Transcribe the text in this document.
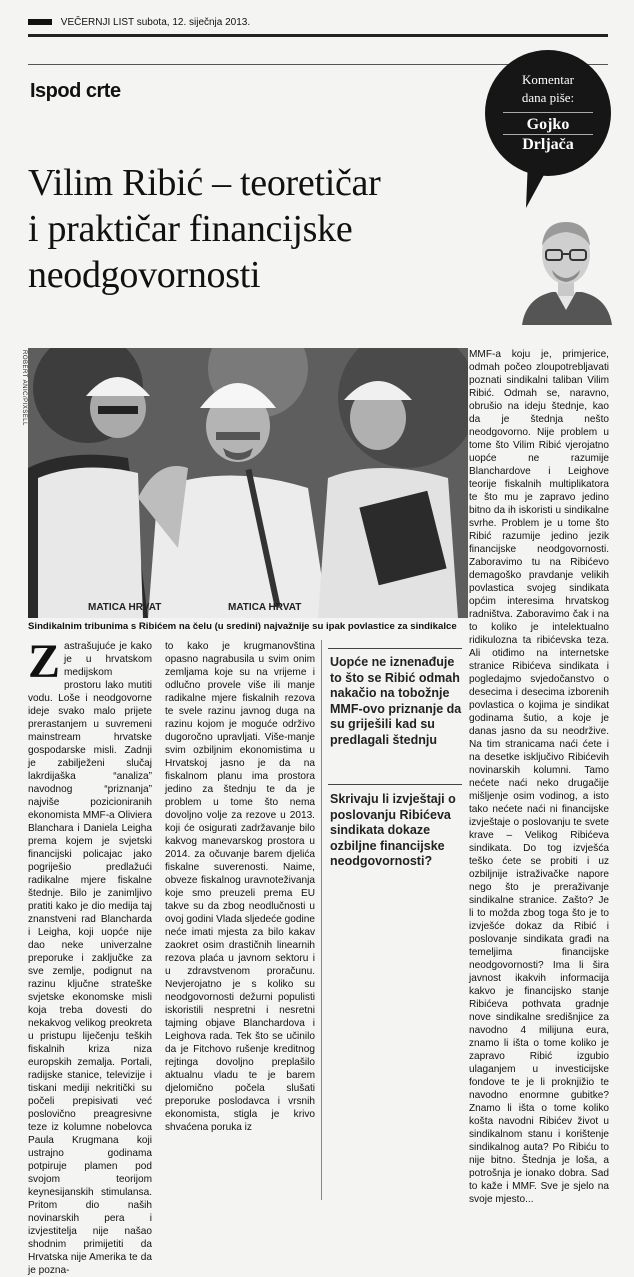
VEČERNJI LIST subota, 12. siječnja 2013.
Ispod crte
Komentar
dana piše:
Gojko
Drljača
Vilim Ribić – teoretičar
i praktičar financijske
neodgovornosti
ROBERT ANIĆ/PIXSELL
MATICA HRVAT	MATICA HRVAT
Sindikalnim tribunima s Ribićem na čelu (u sredini) najvažnije su ipak povlastice za sindikalce
Z astrašujuće je kako je u hrvatskom medijskom prostoru lako mutiti vodu. Loše i neodgovorne ideje svako malo prijete prerastanjem u suvremeni mainstream hrvatske gospodarske misli. Zadnji je zabilježeni slučaj lakrdijaška “analiza” navodnog “priznanja” najviše pozicioniranih ekonomista MMF-a Oliviera Blanchara i Daniela Leigha prema kojem je svjetski financijski policajac jako pogriješio predlažući radikalne mjere fiskalne štednje. Bilo je zanimljivo pratiti kako je dio medija taj znanstveni rad Blancharda i Leigha, koji uopće nije dao neke univerzalne preporuke i zaključke za sve zemlje, podignut na razinu ključne strateške svjetske ekonomske misli koja treba dovesti do nekakvog velikog preokreta u pristupu liječenju teških fiskalnih kriza niza europskih zemalja. Portali, radijske stanice, televizije i tiskani mediji nekritički su počeli prepisivati već poslovično preagresivne teze iz kolumne nobelovca Paula Krugmana koji ustrajno godinama potpiruje plamen pod svojom teorijom keynesijanskih stimulansa. Pritom dio naših novinarskih pera i izvjestitelja nije našao shodnim primijetiti da Hrvatska nije Amerika te da je pozna-
to kako je krugmanovština opasno nagrabusila u svim onim zemljama koje su na vrijeme i odlučno provele više ili manje radikalne mjere fiskalnih rezova te svele razinu javnog duga na razinu kojom je moguće održivo dugoročno upravljati. Više-manje svim ozbiljnim ekonomistima u Hrvatskoj jasno je da na fiskalnom planu ima prostora jedino za štednju te da je problem u tome što nema dovoljno volje za rezove u 2013. koji će osigurati zadržavanje bilo kakvog manevarskog prostora u 2014. za očuvanje barem djelića fiskalne suverenosti. Naime, obveze fiskalnog uravnoteživanja koje smo preuzeli prema EU takve su da zbog neodlučnosti u ovoj godini Vlada sljedeće godine neće imati mjesta za bilo kakav zaokret osim drastičnih linearnih rezova plaća u javnom sektoru i u zdravstvenom proračunu. Nevjerojatno je s koliko su neodgovornosti dežurni populisti iskoristili nespretni i nesretni tajming objave Blanchardova i Leighova rada. Tek što se učinilo da je Fitchovo rušenje kreditnog rejtinga dovoljno preplašilo aktualnu vladu te je barem djelomično počela slušati preporuke poslodavca i vrsnih ekonomista, stigla je krivo shvaćena poruka iz
Uopće ne iznenađuje to što se Ribić odmah nakačio na tobožnje MMF-ovo priznanje da su griješili kad su predlagali štednju
Skrivaju li izvještaji o poslovanju Ribićeva sindikata dokaze ozbiljne financijske neodgovornosti?
MMF-a koju je, primjerice, odmah počeo zloupotrebljavati poznati sindikalni taliban Vilim Ribić. Odmah se, naravno, obrušio na ideju štednje, kao da je štednja nešto neodgovorno. Nije problem u tome što Vilim Ribić vjerojatno uopće ne razumije Blanchardove i Leighove teorije fiskalnih multiplikatora te što mu je zapravo jedino bitno da ih iskoristi u sindikalne svrhe. Problem je u tome što Ribić razumije jedino jezik financijske neodgovornosti. Zaboravimo tu na Ribićevo demagoško pravdanje velikih povlastica svojeg sindikata općim interesima hrvatskog radništva. Zaboravimo čak i na to koliko je intelektualno ridikulozna ta ribićevska teza. Ali otiđimo na internetske stranice Ribićeva sindikata i pogledajmo svjedočanstvo o desecima i desecima izborenih povlastica o kojima je sindikat godinama šutio, a koje je danas jasno da su neodržive. Na tim stranicama naći ćete i na desetke isključivo Ribićevih novinarskih kolumni. Tamo nećete naći neko drugačije mišljenje osim vodinog, a isto tako nećete naći ni financijske izvještaje o poslovanju te svete krave – Velikog Ribićeva sindikata. Do tog izvješća teško ćete se probiti i uz ozbiljnije istraživačke napore nego što je preraživanje sindikalne stranice. Zašto? Je li to možda zbog toga što je to izvješće dokaz da Ribić i poslovanje sindikata građi na temeljima financijske neodgovornosti? Ima li šira javnost ikakvih informacija kakvo je financijsko stanje Ribićeva pothvata gradnje nove sindikalne središnjice za navodno 4 milijuna eura, znamo li išta o tome koliko je zapravo Ribić izgubio ulaganjem u investicijske fondove te je li proknjižio te navodno enormne gubitke? Znamo li išta o tome koliko košta navodni Ribićev život u sindikalnom stanu i korištenje sindikalnog auta? Po Ribiću to nije bitno. Štednja je loša, a potrošnja je ionako dobra. Sad to kaže i MMF. Sve je sjelo na svoje mjesto...
